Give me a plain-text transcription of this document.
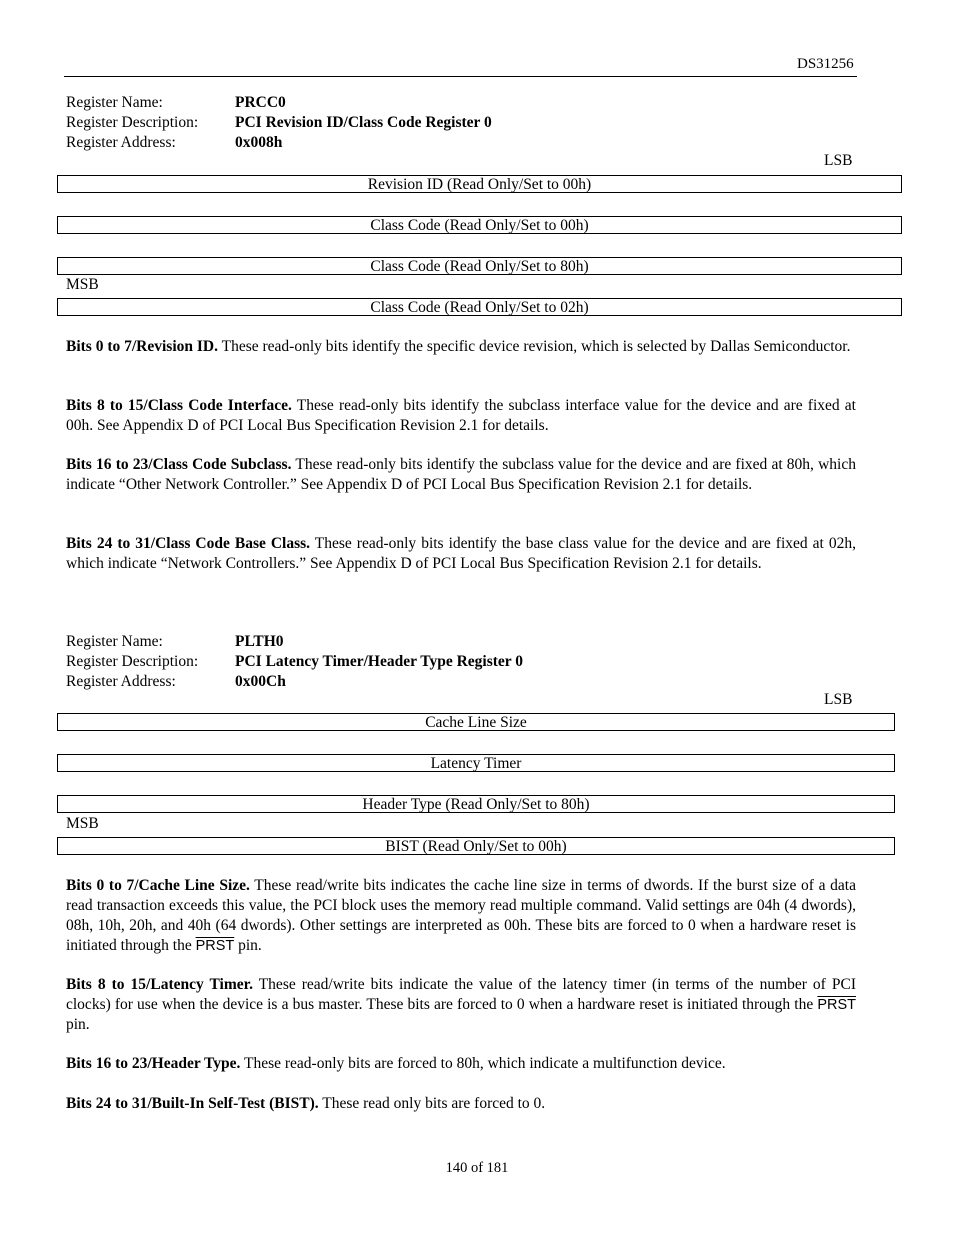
DS31256
Register Name:	PRCC0
Register Description:	PCI Revision ID/Class Code Register 0
Register Address:	0x008h
LSB
Revision ID (Read Only/Set to 00h)
Class Code (Read Only/Set to 00h)
Class Code (Read Only/Set to 80h)
MSB
Class Code (Read Only/Set to 02h)
Bits 0 to 7/Revision ID. These read-only bits identify the specific device revision, which is selected by Dallas Semiconductor.
Bits 8 to 15/Class Code Interface. These read-only bits identify the subclass interface value for the device and are fixed at 00h. See Appendix D of PCI Local Bus Specification Revision 2.1 for details.
Bits 16 to 23/Class Code Subclass. These read-only bits identify the subclass value for the device and are fixed at 80h, which indicate “Other Network Controller.” See Appendix D of PCI Local Bus Specification Revision 2.1 for details.
Bits 24 to 31/Class Code Base Class. These read-only bits identify the base class value for the device and are fixed at 02h, which indicate “Network Controllers.” See Appendix D of PCI Local Bus Specification Revision 2.1 for details.
Register Name:	PLTH0
Register Description:	PCI Latency Timer/Header Type Register 0
Register Address:	0x00Ch
LSB
Cache Line Size
Latency Timer
Header Type (Read Only/Set to 80h)
MSB
BIST (Read Only/Set to 00h)
Bits 0 to 7/Cache Line Size. These read/write bits indicates the cache line size in terms of dwords. If the burst size of a data read transaction exceeds this value, the PCI block uses the memory read multiple command. Valid settings are 04h (4 dwords), 08h, 10h, 20h, and 40h (64 dwords). Other settings are interpreted as 00h. These bits are forced to 0 when a hardware reset is initiated through the PRST pin.
Bits 8 to 15/Latency Timer. These read/write bits indicate the value of the latency timer (in terms of the number of PCI clocks) for use when the device is a bus master. These bits are forced to 0 when a hardware reset is initiated through the PRST pin.
Bits 16 to 23/Header Type. These read-only bits are forced to 80h, which indicate a multifunction device.
Bits 24 to 31/Built-In Self-Test (BIST). These read only bits are forced to 0.
140 of 181
